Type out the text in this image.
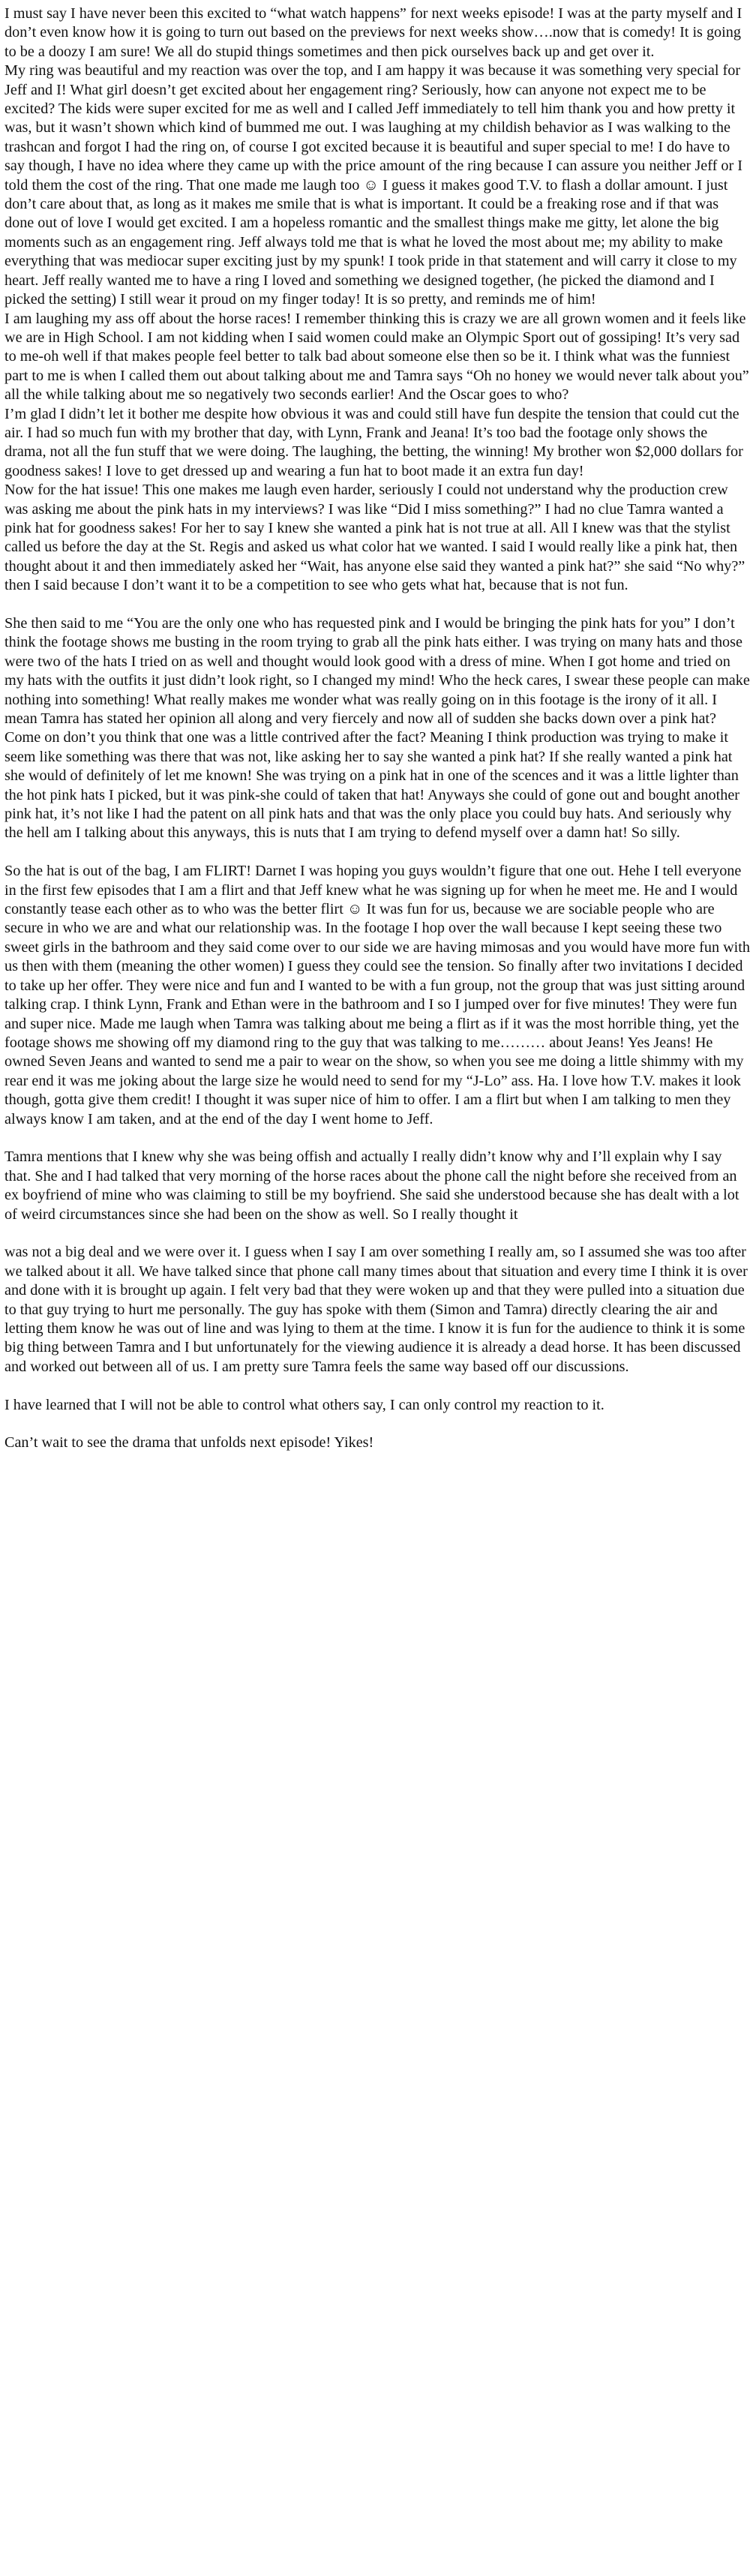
I must say I have never been this excited to “what watch happens” for next weeks episode! I was at the party myself and I don’t even know how it is going to turn out based on the previews for next weeks show….now that is comedy! It is going to be a doozy I am sure! We all do stupid things sometimes and then pick ourselves back up and get over it.

My ring was beautiful and my reaction was over the top, and I am happy it was because it was something very special for Jeff and I! What girl doesn’t get excited about her engagement ring? Seriously, how can anyone not expect me to be excited? The kids were super excited for me as well and I called Jeff immediately to tell him thank you and how pretty it was, but it wasn’t shown which kind of bummed me out. I was laughing at my childish behavior as I was walking to the trashcan and forgot I had the ring on, of course I got excited because it is beautiful and super special to me! I do have to say though, I have no idea where they came up with the price amount of the ring because I can assure you neither Jeff or I told them the cost of the ring. That one made me laugh too ☺ I guess it makes good T.V. to flash a dollar amount. I just don’t care about that, as long as it makes me smile that is what is important. It could be a freaking rose and if that was done out of love I would get excited. I am a hopeless romantic and the smallest things make me gitty, let alone the big moments such as an engagement ring. Jeff always told me that is what he loved the most about me; my ability to make everything that was mediocar super exciting just by my spunk! I took pride in that statement and will carry it close to my heart. Jeff really wanted me to have a ring I loved and something we designed together, (he picked the diamond and I picked the setting) I still wear it proud on my finger today! It is so pretty, and reminds me of him!

I am laughing my ass off about the horse races! I remember thinking this is crazy we are all grown women and it feels like we are in High School. I am not kidding when I said women could make an Olympic Sport out of gossiping! It’s very sad to me-oh well if that makes people feel better to talk bad about someone else then so be it. I think what was the funniest part to me is when I called them out about talking about me and Tamra says “Oh no honey we would never talk about you” all the while talking about me so negatively two seconds earlier! And the Oscar goes to who?

I’m glad I didn’t let it bother me despite how obvious it was and could still have fun despite the tension that could cut the air. I had so much fun with my brother that day, with Lynn, Frank and Jeana! It’s too bad the footage only shows the drama, not all the fun stuff that we were doing. The laughing, the betting, the winning! My brother won $2,000 dollars for goodness sakes! I love to get dressed up and wearing a fun hat to boot made it an extra fun day!

Now for the hat issue! This one makes me laugh even harder, seriously I could not understand why the production crew was asking me about the pink hats in my interviews? I was like “Did I miss something?” I had no clue Tamra wanted a pink hat for goodness sakes! For her to say I knew she wanted a pink hat is not true at all. All I knew was that the stylist called us before the day at the St. Regis and asked us what color hat we wanted. I said I would really like a pink hat, then thought about it and then immediately asked her “Wait, has anyone else said they wanted a pink hat?” she said “No why?” then I said because I don’t want it to be a competition to see who gets what hat, because that is not fun.

She then said to me “You are the only one who has requested pink and I would be bringing the pink hats for you” I don’t think the footage shows me busting in the room trying to grab all the pink hats either. I was trying on many hats and those were two of the hats I tried on as well and thought would look good with a dress of mine. When I got home and tried on my hats with the outfits it just didn’t look right, so I changed my mind! Who the heck cares, I swear these people can make nothing into something! What really makes me wonder what was really going on in this footage is the irony of it all. I mean Tamra has stated her opinion all along and very fiercely and now all of sudden she backs down over a pink hat? Come on don’t you think that one was a little contrived after the fact? Meaning I think production was trying to make it seem like something was there that was not, like asking her to say she wanted a pink hat? If she really wanted a pink hat she would of definitely of let me known! She was trying on a pink hat in one of the scences and it was a little lighter than the hot pink hats I picked, but it was pink-she could of taken that hat! Anyways she could of gone out and bought another pink hat, it’s not like I had the patent on all pink hats and that was the only place you could buy hats. And seriously why the hell am I talking about this anyways, this is nuts that I am trying to defend myself over a damn hat! So silly.

So the hat is out of the bag, I am FLIRT! Darnet I was hoping you guys wouldn’t figure that one out. Hehe I tell everyone in the first few episodes that I am a flirt and that Jeff knew what he was signing up for when he meet me. He and I would constantly tease each other as to who was the better flirt ☺ It was fun for us, because we are sociable people who are secure in who we are and what our relationship was. In the footage I hop over the wall because I kept seeing these two sweet girls in the bathroom and they said come over to our side we are having mimosas and you would have more fun with us then with them (meaning the other women) I guess they could see the tension. So finally after two invitations I decided to take up her offer. They were nice and fun and I wanted to be with a fun group, not the group that was just sitting around talking crap. I think Lynn, Frank and Ethan were in the bathroom and I so I jumped over for five minutes! They were fun and super nice. Made me laugh when Tamra was talking about me being a flirt as if it was the most horrible thing, yet the footage shows me showing off my diamond ring to the guy that was talking to me……… about Jeans! Yes Jeans! He owned Seven Jeans and wanted to send me a pair to wear on the show, so when you see me doing a little shimmy with my rear end it was me joking about the large size he would need to send for my “J-Lo” ass. Ha. I love how T.V. makes it look though, gotta give them credit! I thought it was super nice of him to offer. I am a flirt but when I am talking to men they always know I am taken, and at the end of the day I went home to Jeff.

Tamra mentions that I knew why she was being offish and actually I really didn’t know why and I’ll explain why I say that. She and I had talked that very morning of the horse races about the phone call the night before she received from an ex boyfriend of mine who was claiming to still be my boyfriend. She said she understood because she has dealt with a lot of weird circumstances since she had been on the show as well. So I really thought it

was not a big deal and we were over it. I guess when I say I am over something I really am, so I assumed she was too after we talked about it all. We have talked since that phone call many times about that situation and every time I think it is over and done with it is brought up again. I felt very bad that they were woken up and that they were pulled into a situation due to that guy trying to hurt me personally. The guy has spoke with them (Simon and Tamra) directly clearing the air and letting them know he was out of line and was lying to them at the time. I know it is fun for the audience to think it is some big thing between Tamra and I but unfortunately for the viewing audience it is already a dead horse. It has been discussed and worked out between all of us. I am pretty sure Tamra feels the same way based off our discussions.

I have learned that I will not be able to control what others say, I can only control my reaction to it.

Can’t wait to see the drama that unfolds next episode! Yikes!
